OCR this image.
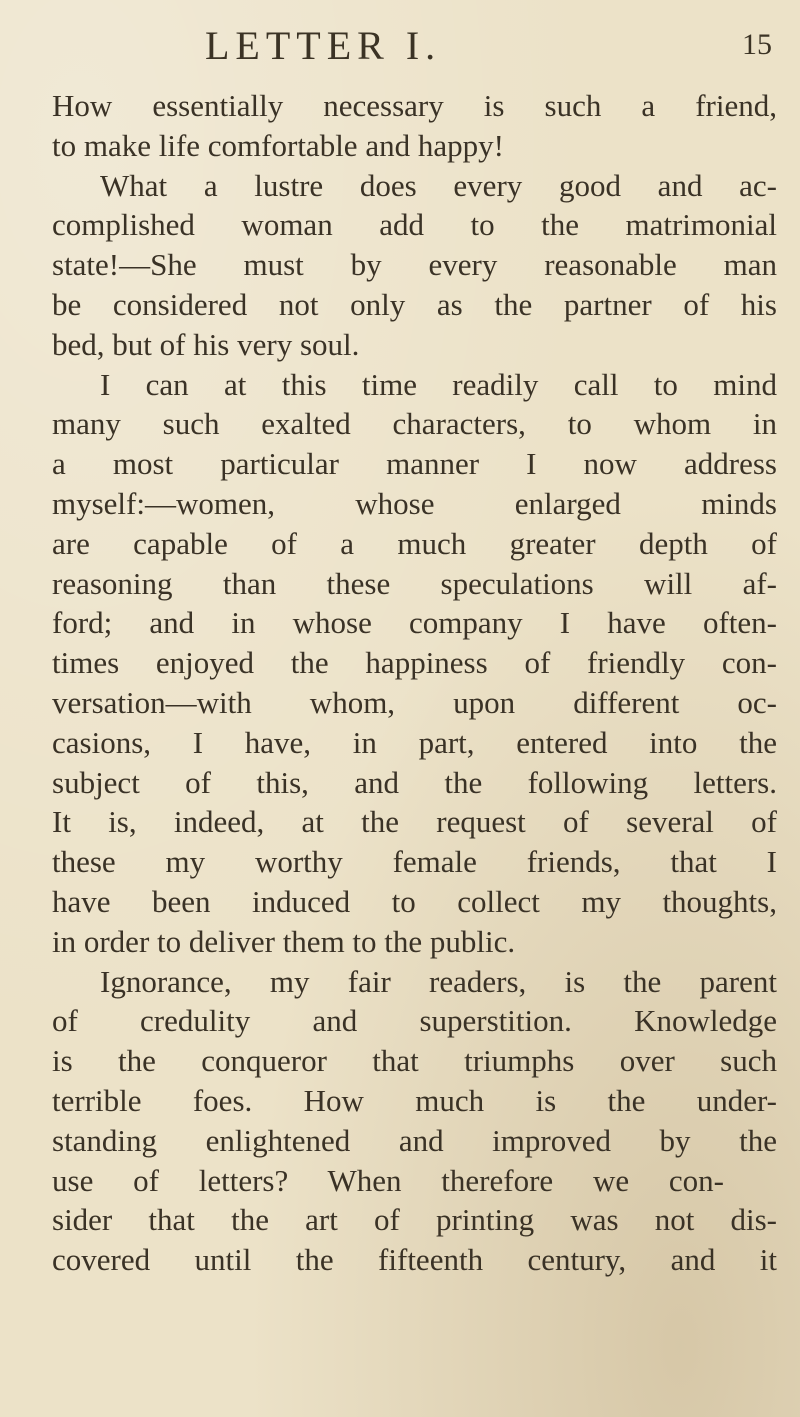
LETTER I.	15
How essentially necessary is such a friend,
to make life comfortable and happy!
What a lustre does every good and ac-
complished woman add to the matrimonial
state!—She must by every reasonable man
be considered not only as the partner of his
bed, but of his very soul.
I can at this time readily call to mind
many such exalted characters, to whom in
a most particular manner I now address
myself:—women, whose enlarged minds
are capable of a much greater depth of
reasoning than these speculations will af-
ford; and in whose company I have often-
times enjoyed the happiness of friendly con-
versation—with whom, upon different oc-
casions, I have, in part, entered into the
subject of this, and the following letters.
It is, indeed, at the request of several of
these my worthy female friends, that I
have been induced to collect my thoughts,
in order to deliver them to the public.
Ignorance, my fair readers, is the parent
of credulity and superstition. Knowledge
is the conqueror that triumphs over such
terrible foes. How much is the under-
standing enlightened and improved by the
use of letters? When therefore we con-
sider that the art of printing was not dis-
covered until the fifteenth century, and it
